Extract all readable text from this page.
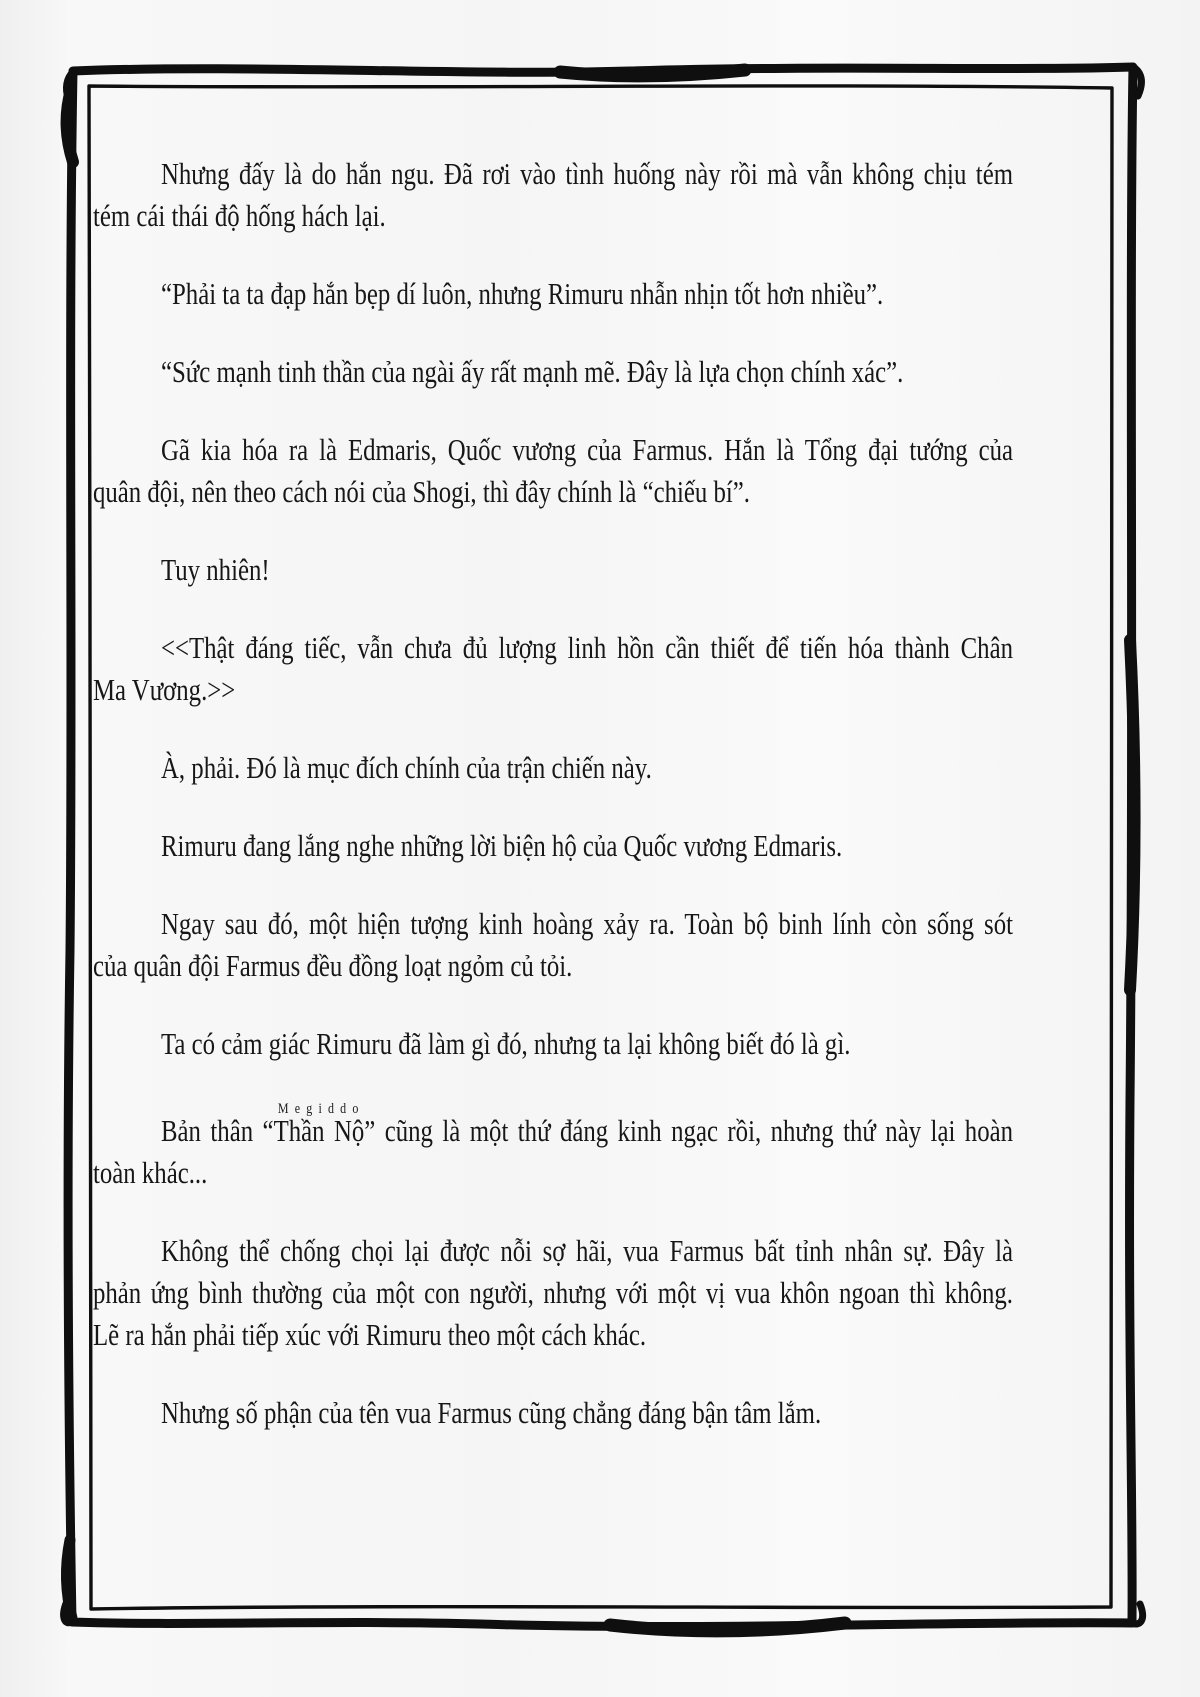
Nhưng đấy là do hắn ngu. Đã rơi vào tình huống này rồi mà vẫn không chịu tém
tém cái thái độ hống hách lại.

“Phải ta ta đạp hắn bẹp dí luôn, nhưng Rimuru nhẫn nhịn tốt hơn nhiều”.

“Sức mạnh tinh thần của ngài ấy rất mạnh mẽ. Đây là lựa chọn chính xác”.

Gã kia hóa ra là Edmaris, Quốc vương của Farmus. Hắn là Tổng đại tướng của
quân đội, nên theo cách nói của Shogi, thì đây chính là “chiếu bí”.

Tuy nhiên!

<<Thật đáng tiếc, vẫn chưa đủ lượng linh hồn cần thiết để tiến hóa thành Chân
Ma Vương.>>

À, phải. Đó là mục đích chính của trận chiến này.

Rimuru đang lắng nghe những lời biện hộ của Quốc vương Edmaris.

Ngay sau đó, một hiện tượng kinh hoàng xảy ra. Toàn bộ binh lính còn sống sót
của quân đội Farmus đều đồng loạt ngỏm củ tỏi.

Ta có cảm giác Rimuru đã làm gì đó, nhưng ta lại không biết đó là gì.

Bản thân “Thần NộM e g i d d o” cũng là một thứ đáng kinh ngạc rồi, nhưng thứ này lại hoàn
toàn khác...

Không thể chống chọi lại được nỗi sợ hãi, vua Farmus bất tỉnh nhân sự. Đây là
phản ứng bình thường của một con người, nhưng với một vị vua khôn ngoan thì không.
Lẽ ra hắn phải tiếp xúc với Rimuru theo một cách khác.

Nhưng số phận của tên vua Farmus cũng chẳng đáng bận tâm lắm.
